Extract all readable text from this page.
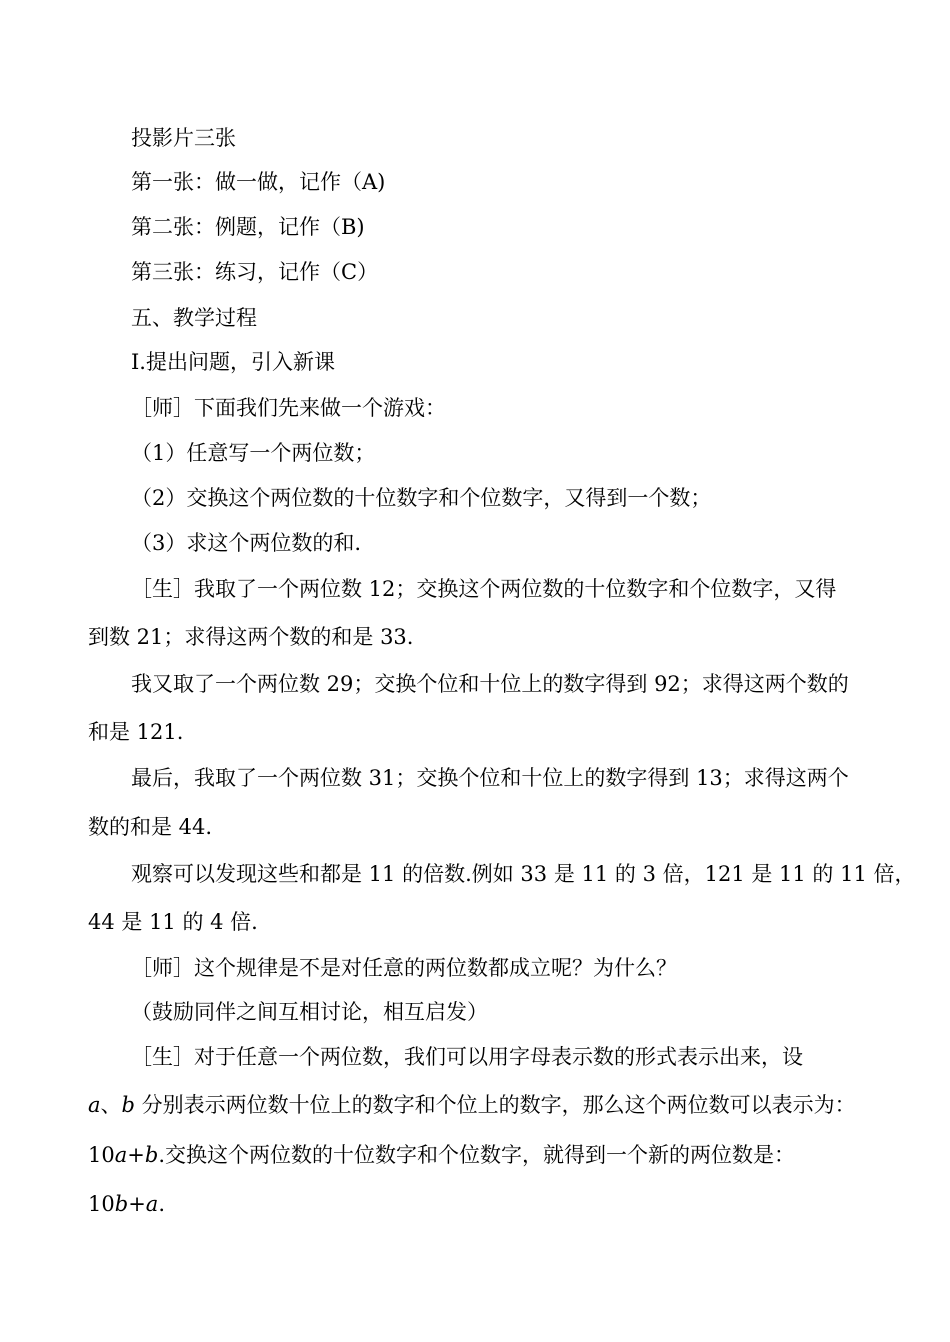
投影片三张
第一张：做一做，记作（A)
第二张：例题，记作（B)
第三张：练习，记作（C）
五、教学过程
Ⅰ.提出问题，引入新课
［师］下面我们先来做一个游戏：
（1）任意写一个两位数；
（2）交换这个两位数的十位数字和个位数字，又得到一个数；
（3）求这个两位数的和.
［生］我取了一个两位数 12；交换这个两位数的十位数字和个位数字，又得
到数 21；求得这两个数的和是 33.
我又取了一个两位数 29；交换个位和十位上的数字得到 92；求得这两个数的
和是 121.
最后，我取了一个两位数 31；交换个位和十位上的数字得到 13；求得这两个
数的和是 44.
观察可以发现这些和都是 11 的倍数.例如 33 是 11 的 3 倍，121 是 11 的 11 倍，
44 是 11 的 4 倍.
［师］这个规律是不是对任意的两位数都成立呢？为什么？
（鼓励同伴之间互相讨论，相互启发）
［生］对于任意一个两位数，我们可以用字母表示数的形式表示出来，设
a、b 分别表示两位数十位上的数字和个位上的数字，那么这个两位数可以表示为：
10a+b.交换这个两位数的十位数字和个位数字，就得到一个新的两位数是：
10b+a.
